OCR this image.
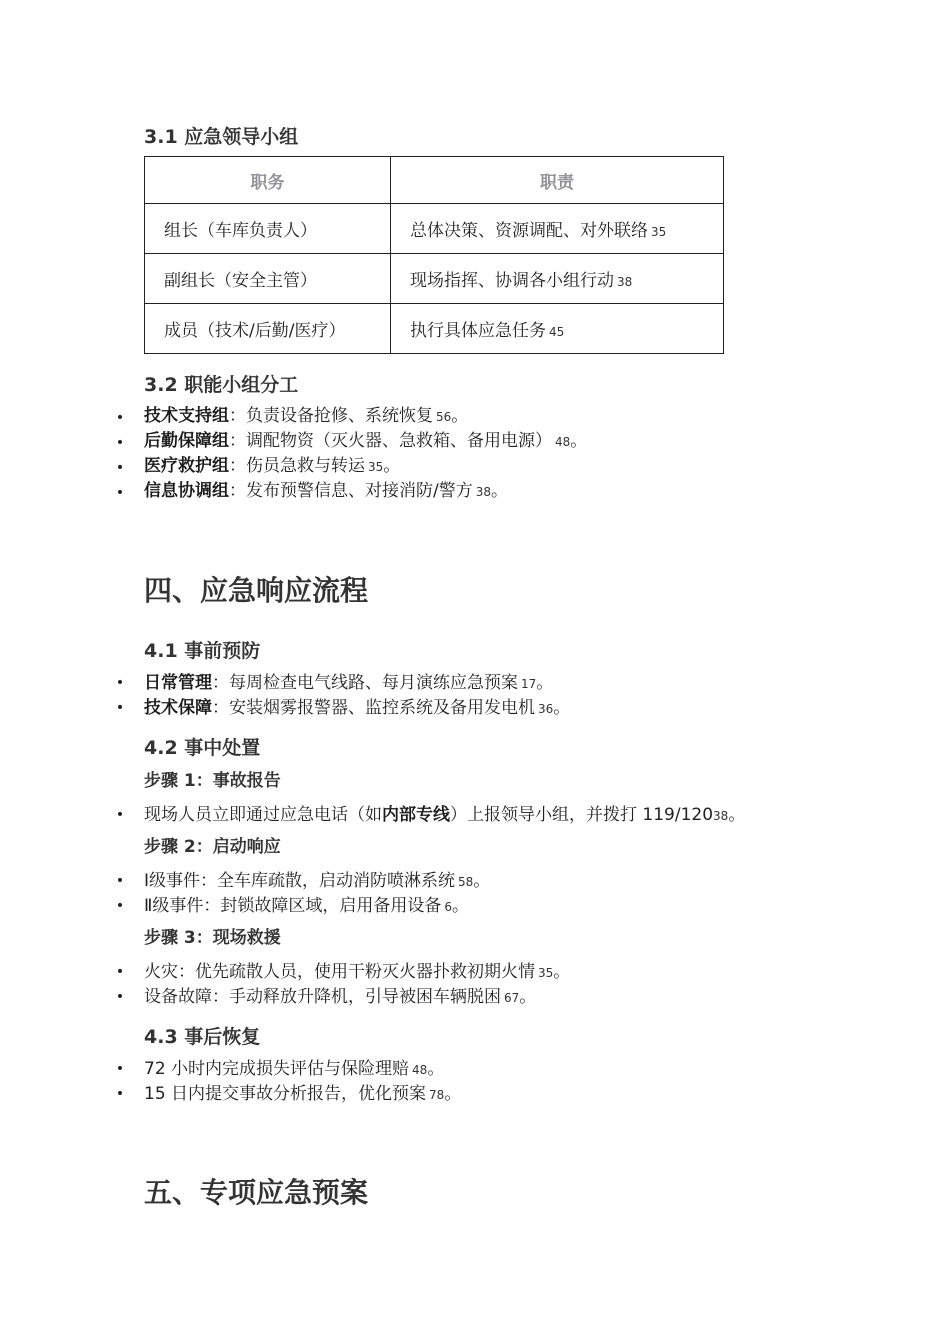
3.1 应急领导小组
职务	职责
组长（车库负责人）	总体决策、资源调配、对外联络 35
副组长（安全主管）	现场指挥、协调各小组行动 38
成员（技术/后勤/医疗）	执行具体应急任务 45
3.2 职能小组分工
• 技术支持组：负责设备抢修、系统恢复 56。
• 后勤保障组：调配物资（灭火器、急救箱、备用电源） 48。
• 医疗救护组：伤员急救与转运 35。
• 信息协调组：发布预警信息、对接消防/警方 38。
四、应急响应流程
4.1 事前预防
• 日常管理：每周检查电气线路、每月演练应急预案 17。
• 技术保障：安装烟雾报警器、监控系统及备用发电机 36。
4.2 事中处置
步骤 1：事故报告
• 现场人员立即通过应急电话（如内部专线）上报领导小组，并拨打 119/12038。
步骤 2：启动响应
• Ⅰ级事件：全车库疏散，启动消防喷淋系统 58。
• Ⅱ级事件：封锁故障区域，启用备用设备 6。
步骤 3：现场救援
• 火灾：优先疏散人员，使用干粉灭火器扑救初期火情 35。
• 设备故障：手动释放升降机，引导被困车辆脱困 67。
4.3 事后恢复
• 72 小时内完成损失评估与保险理赔 48。
• 15 日内提交事故分析报告，优化预案 78。
五、专项应急预案
